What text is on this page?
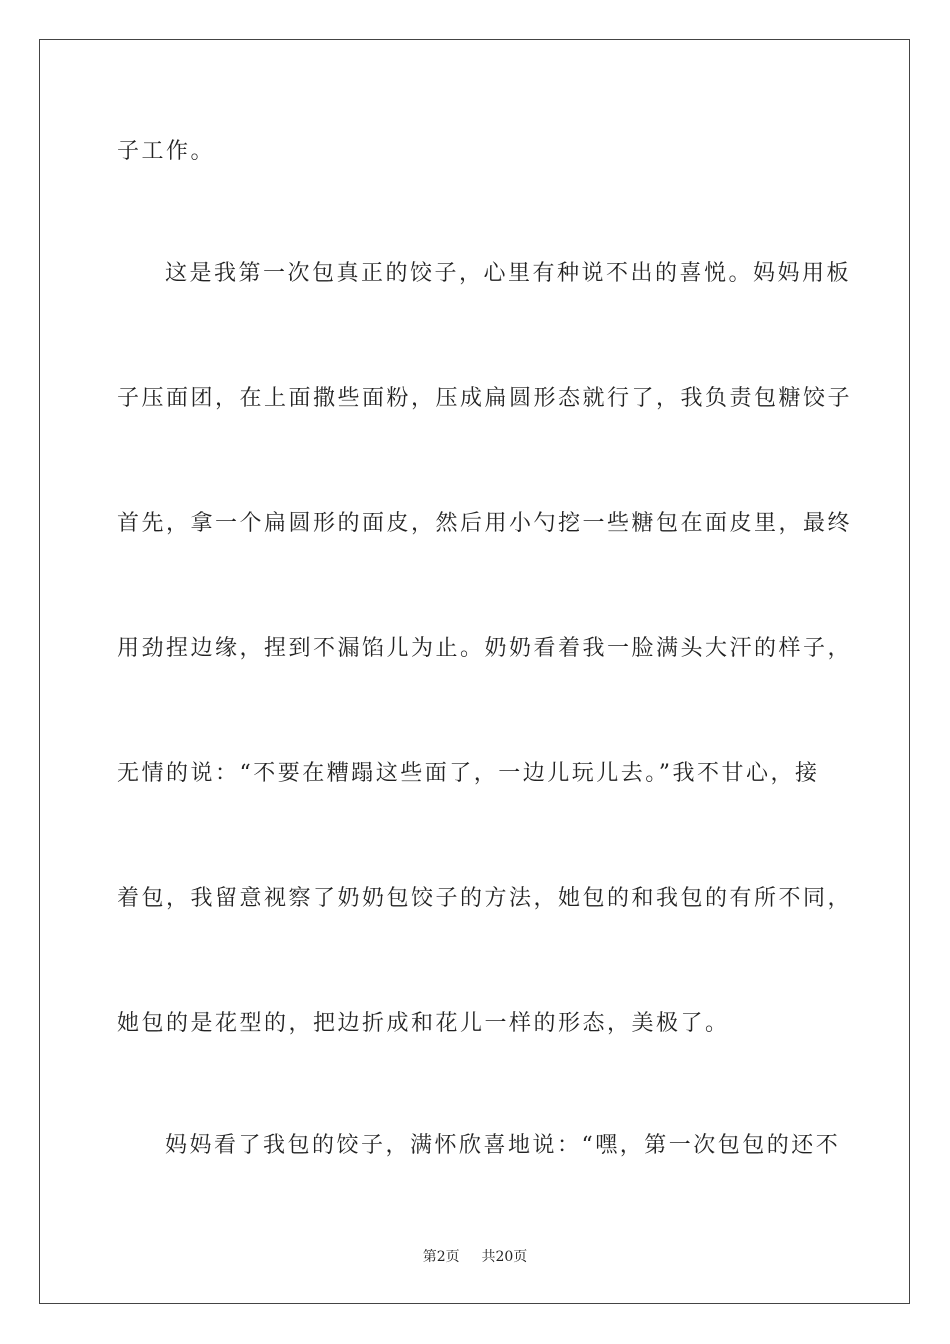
子工作。
这是我第一次包真正的饺子，心里有种说不出的喜悦。妈妈用板
子压面团，在上面撒些面粉，压成扁圆形态就行了，我负责包糖饺子
首先，拿一个扁圆形的面皮，然后用小勺挖一些糖包在面皮里，最终
用劲捏边缘，捏到不漏馅儿为止。奶奶看着我一脸满头大汗的样子，
无情的说：“不要在糟蹋这些面了，一边儿玩儿去。”我不甘心，接
着包，我留意视察了奶奶包饺子的方法，她包的和我包的有所不同，
她包的是花型的，把边折成和花儿一样的形态，美极了。
妈妈看了我包的饺子，满怀欣喜地说：“嘿，第一次包包的还不
第2页 共20页
